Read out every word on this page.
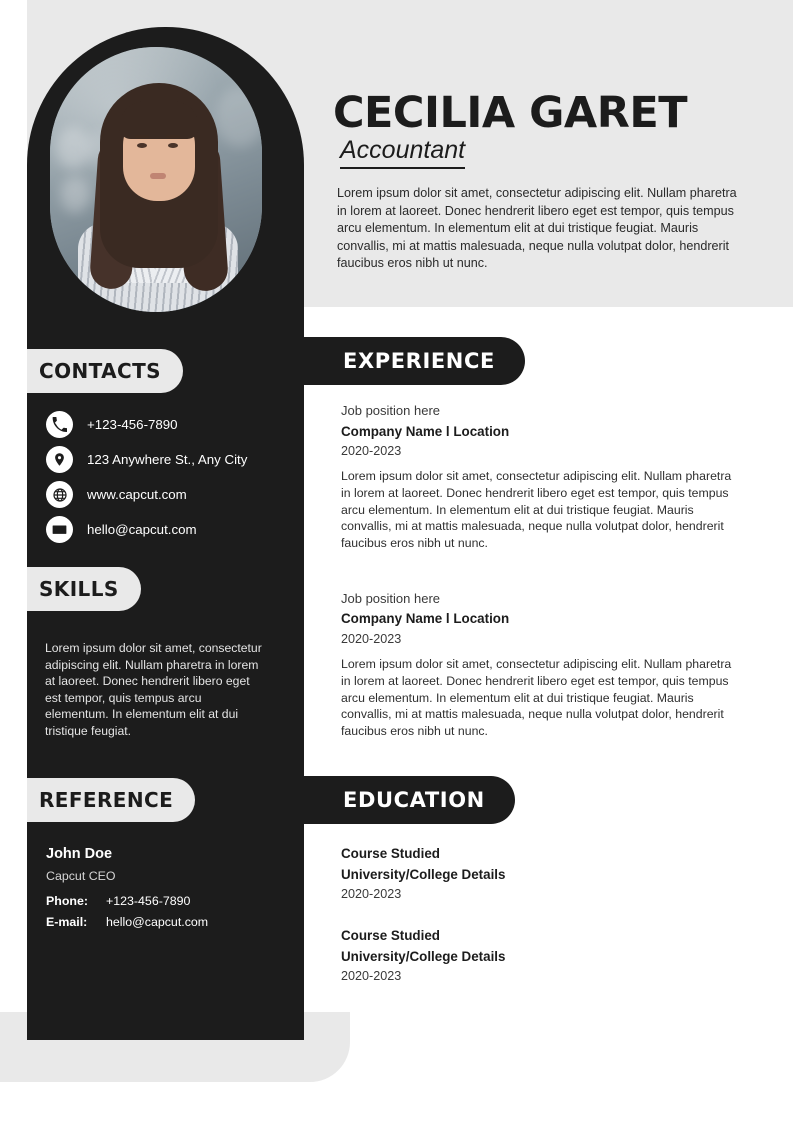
CECILIA GARET
Accountant
Lorem ipsum dolor sit amet, consectetur adipiscing elit. Nullam pharetra in lorem at laoreet. Donec hendrerit libero eget est tempor, quis tempus arcu elementum. In elementum elit at dui tristique feugiat. Mauris convallis, mi at mattis malesuada, neque nulla volutpat dolor, hendrerit faucibus eros nibh ut nunc.
CONTACTS
+123-456-7890
123 Anywhere St., Any City
www.capcut.com
hello@capcut.com
SKILLS
Lorem ipsum dolor sit amet, consectetur adipiscing elit. Nullam pharetra in lorem at laoreet. Donec hendrerit libero eget est tempor, quis tempus arcu elementum. In elementum elit at dui tristique feugiat.
REFERENCE
John Doe
Capcut CEO
Phone:	+123-456-7890
E-mail:	hello@capcut.com
EXPERIENCE
Job position here
Company Name l Location
2020-2023
Lorem ipsum dolor sit amet, consectetur adipiscing elit. Nullam pharetra in lorem at laoreet. Donec hendrerit libero eget est tempor, quis tempus arcu elementum. In elementum elit at dui tristique feugiat. Mauris convallis, mi at mattis malesuada, neque nulla volutpat dolor, hendrerit faucibus eros nibh ut nunc.
Job position here
Company Name l Location
2020-2023
Lorem ipsum dolor sit amet, consectetur adipiscing elit. Nullam pharetra in lorem at laoreet. Donec hendrerit libero eget est tempor, quis tempus arcu elementum. In elementum elit at dui tristique feugiat. Mauris convallis, mi at mattis malesuada, neque nulla volutpat dolor, hendrerit faucibus eros nibh ut nunc.
EDUCATION
Course Studied
University/College Details
2020-2023
Course Studied
University/College Details
2020-2023
